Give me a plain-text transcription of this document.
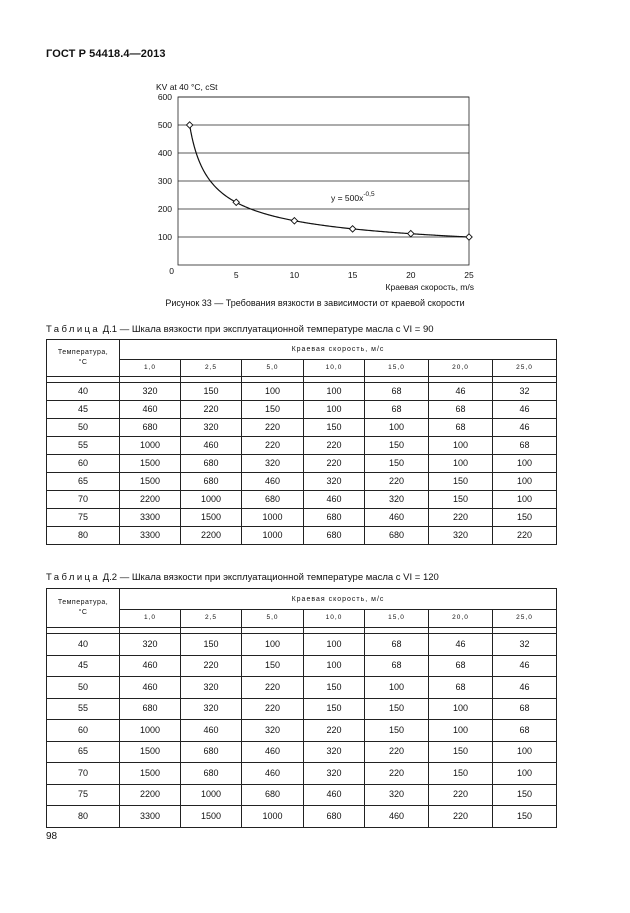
ГОСТ Р 54418.4—2013
100
200
300
400
500
600
5	10	15	20	25
0
KV at 40 °C, cSt
Краевая скорость, m/s
$y = 500x^{-0,5}$
Рисунок 33 — Требования вязкости в зависимости от краевой скорости
Таблица Д.1 — Шкала вязкости при эксплуатационной температуре масла с VI = 90
Температура,
°C	Краевая скорость, м/с						
	1,0	2,5	5,0	10,0	15,0	20,0	25,0

40	320	150	100	100	68	46	32
45	460	220	150	100	68	68	46
50	680	320	220	150	100	68	46
55	1000	460	220	220	150	100	68
60	1500	680	320	220	150	100	100
65	1500	680	460	320	220	150	100
70	2200	1000	680	460	320	150	100
75	3300	1500	1000	680	460	220	150
80	3300	2200	1000	680	680	320	220
Таблица Д.2 — Шкала вязкости при эксплуатационной температуре масла с VI = 120
Температура,
°C	Краевая скорость, м/с						
	1,0	2,5	5,0	10,0	15,0	20,0	25,0

40	320	150	100	100	68	46	32
45	460	220	150	100	68	68	46
50	460	320	220	150	100	68	46
55	680	320	220	150	150	100	68
60	1000	460	320	220	150	100	68
65	1500	680	460	320	220	150	100
70	1500	680	460	320	220	150	100
75	2200	1000	680	460	320	220	150
80	3300	1500	1000	680	460	220	150
98
